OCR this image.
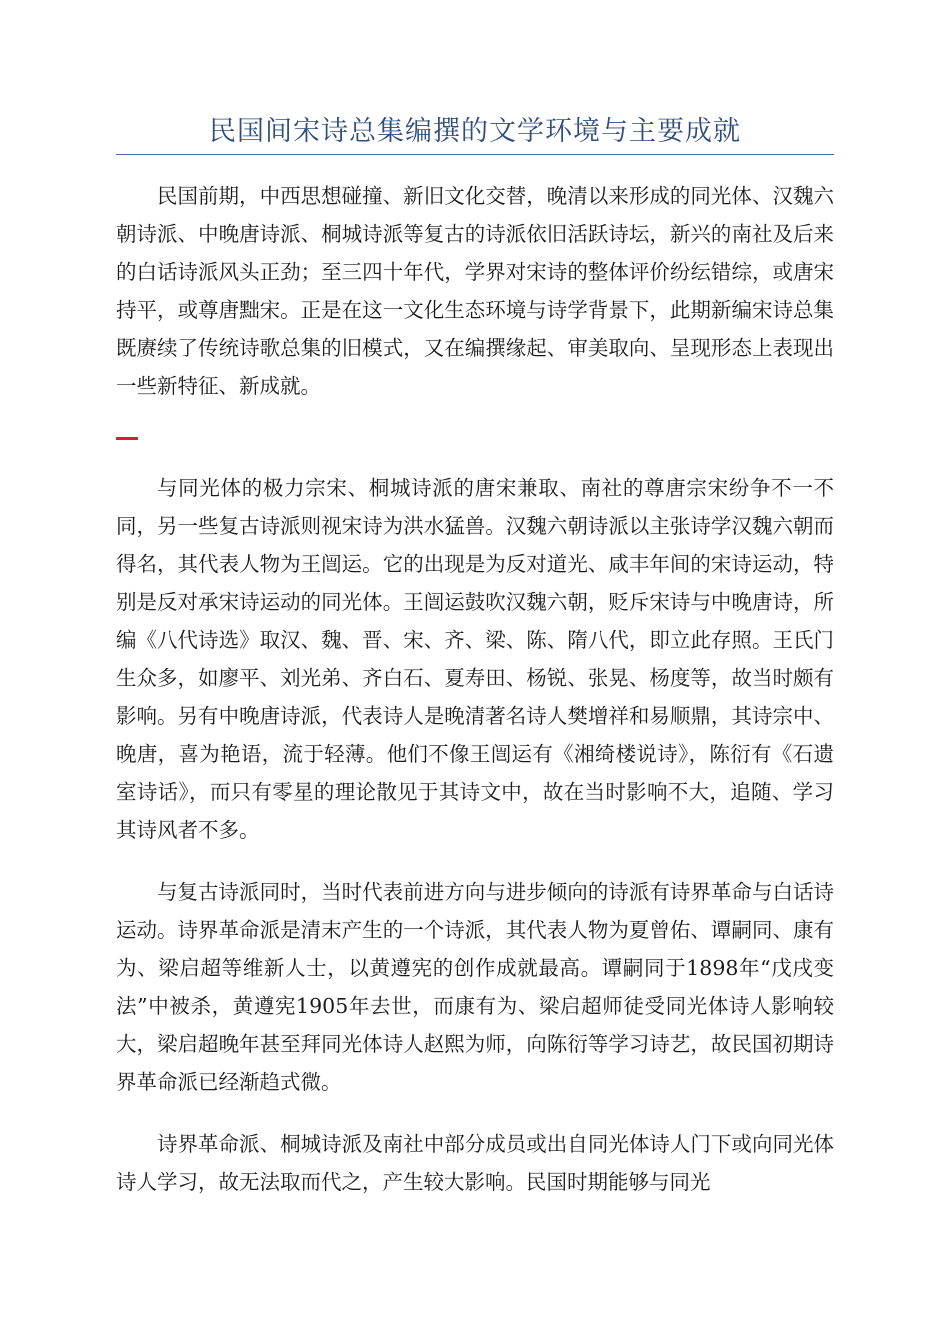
民国间宋诗总集编撰的文学环境与主要成就

民国前期，中西思想碰撞、新旧文化交替，晚清以来形成的同光体、汉魏六朝诗派、中晚唐诗派、桐城诗派等复古的诗派依旧活跃诗坛，新兴的南社及后来的白话诗派风头正劲；至三四十年代，学界对宋诗的整体评价纷纭错综，或唐宋持平，或尊唐黜宋。正是在这一文化生态环境与诗学背景下，此期新编宋诗总集既赓续了传统诗歌总集的旧模式，又在编撰缘起、审美取向、呈现形态上表现出一些新特征、新成就。

与同光体的极力宗宋、桐城诗派的唐宋兼取、南社的尊唐宗宋纷争不一不同，另一些复古诗派则视宋诗为洪水猛兽。汉魏六朝诗派以主张诗学汉魏六朝而得名，其代表人物为王闿运。它的出现是为反对道光、咸丰年间的宋诗运动，特别是反对承宋诗运动的同光体。王闿运鼓吹汉魏六朝，贬斥宋诗与中晚唐诗，所编《八代诗选》取汉、魏、晋、宋、齐、梁、陈、隋八代，即立此存照。王氏门生众多，如廖平、刘光弟、齐白石、夏寿田、杨锐、张晃、杨度等，故当时颇有影响。另有中晚唐诗派，代表诗人是晚清著名诗人樊增祥和易顺鼎，其诗宗中、晚唐，喜为艳语，流于轻薄。他们不像王闿运有《湘绮楼说诗》，陈衍有《石遗室诗话》，而只有零星的理论散见于其诗文中，故在当时影响不大，追随、学习其诗风者不多。

与复古诗派同时，当时代表前进方向与进步倾向的诗派有诗界革命与白话诗运动。诗界革命派是清末产生的一个诗派，其代表人物为夏曾佑、谭嗣同、康有为、梁启超等维新人士，以黄遵宪的创作成就最高。谭嗣同于1898年“戊戌变法”中被杀，黄遵宪1905年去世，而康有为、梁启超师徒受同光体诗人影响较大，梁启超晚年甚至拜同光体诗人赵熙为师，向陈衍等学习诗艺，故民国初期诗界革命派已经渐趋式微。

诗界革命派、桐城诗派及南社中部分成员或出自同光体诗人门下或向同光体诗人学习，故无法取而代之，产生较大影响。民国时期能够与同光
